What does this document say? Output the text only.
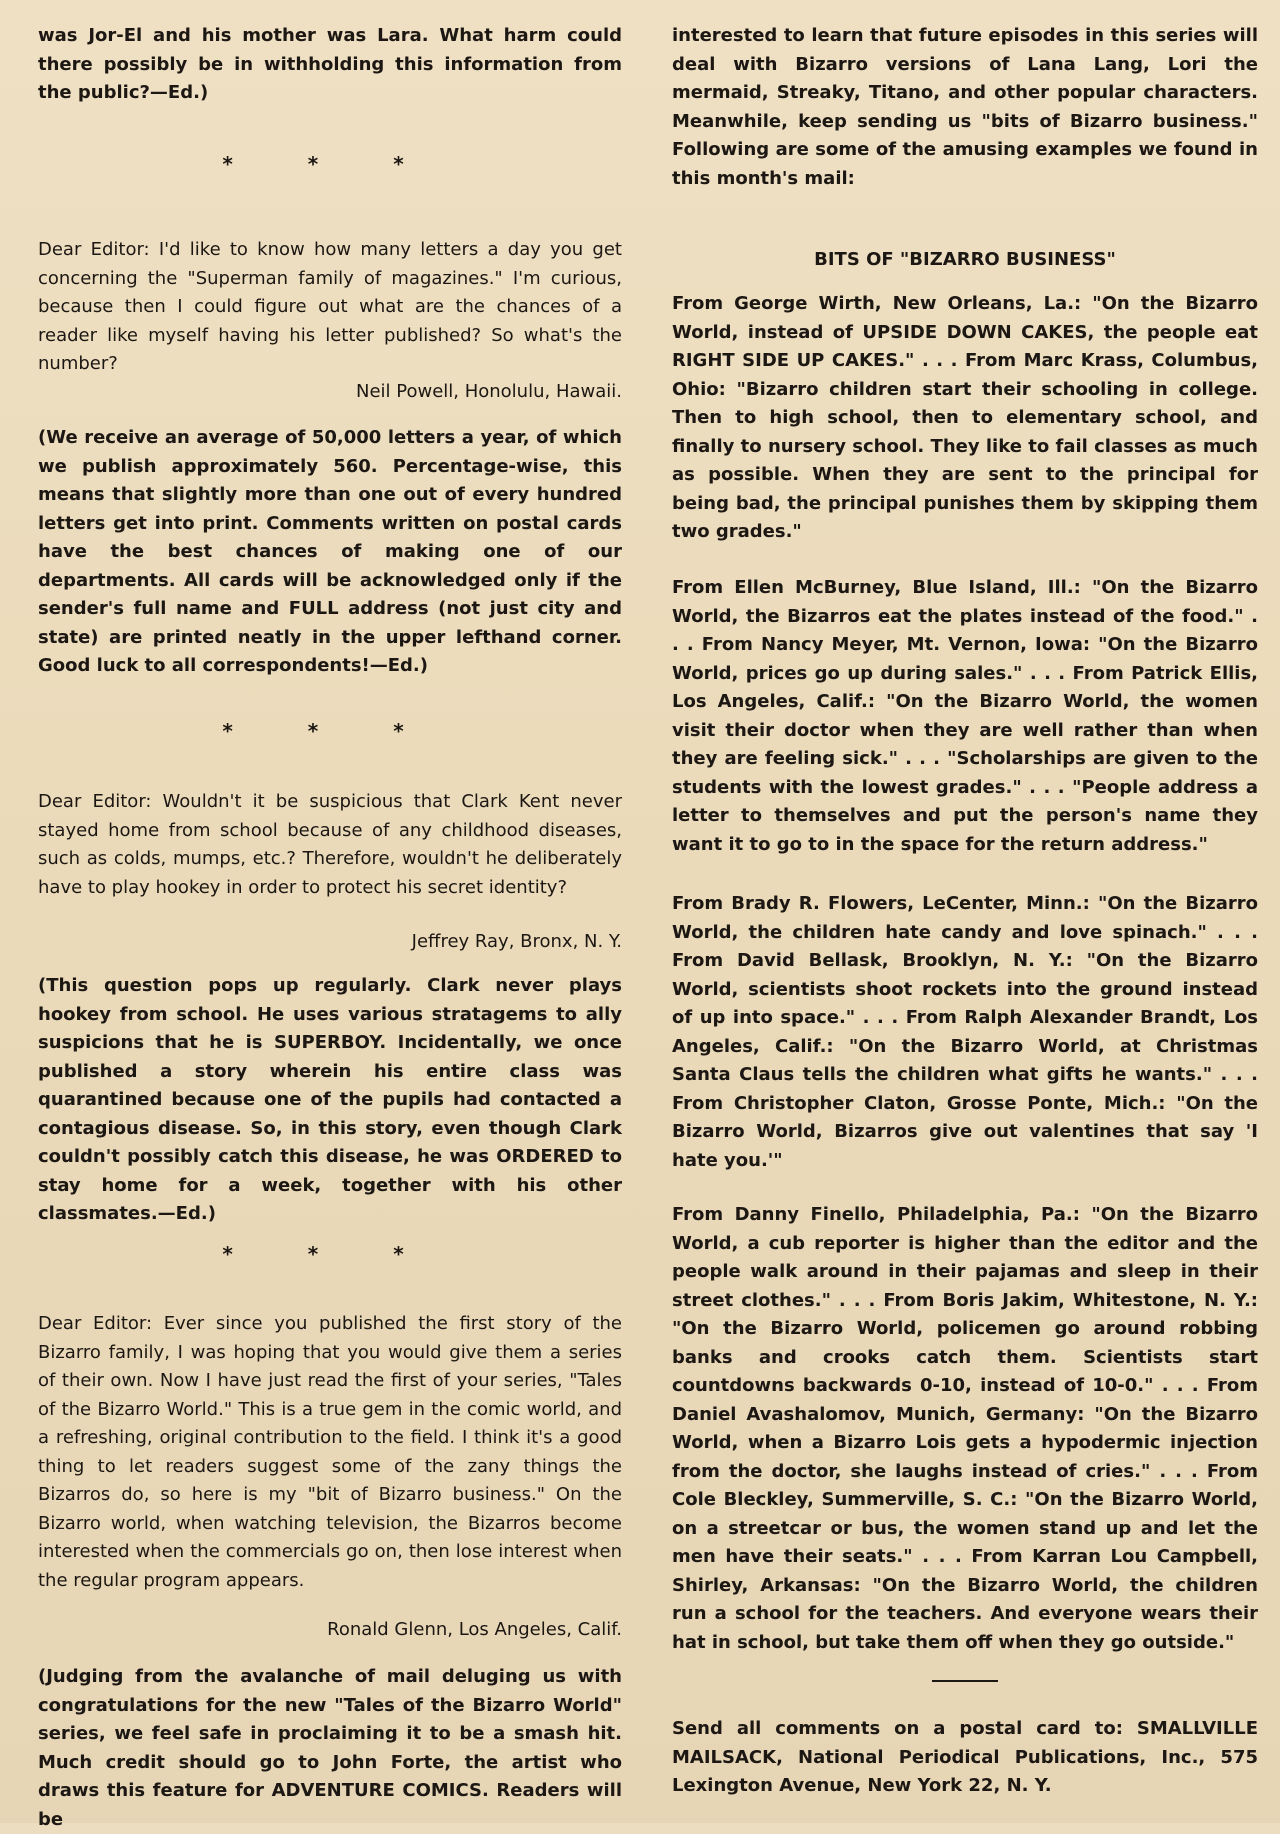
was Jor-El and his mother was Lara. What harm could there possibly be in withholding this information from the public?—Ed.)

* * *

Dear Editor: I'd like to know how many letters a day you get concerning the "Superman family of magazines." I'm curious, because then I could figure out what are the chances of a reader like myself having his letter published? So what's the number?

Neil Powell, Honolulu, Hawaii.

(We receive an average of 50,000 letters a year, of which we publish approximately 560. Percentage-wise, this means that slightly more than one out of every hundred letters get into print. Comments written on postal cards have the best chances of making one of our departments. All cards will be acknowledged only if the sender's full name and FULL address (not just city and state) are printed neatly in the upper lefthand corner. Good luck to all correspondents!—Ed.)

* * *

Dear Editor: Wouldn't it be suspicious that Clark Kent never stayed home from school because of any childhood diseases, such as colds, mumps, etc.? Therefore, wouldn't he deliberately have to play hookey in order to protect his secret identity?

Jeffrey Ray, Bronx, N. Y.

(This question pops up regularly. Clark never plays hookey from school. He uses various stratagems to ally suspicions that he is SUPERBOY. Incidentally, we once published a story wherein his entire class was quarantined because one of the pupils had contacted a contagious disease. So, in this story, even though Clark couldn't possibly catch this disease, he was ORDERED to stay home for a week, together with his other classmates.—Ed.)

* * *

Dear Editor: Ever since you published the first story of the Bizarro family, I was hoping that you would give them a series of their own. Now I have just read the first of your series, "Tales of the Bizarro World." This is a true gem in the comic world, and a refreshing, original contribution to the field. I think it's a good thing to let readers suggest some of the zany things the Bizarros do, so here is my "bit of Bizarro business." On the Bizarro world, when watching television, the Bizarros become interested when the commercials go on, then lose interest when the regular program appears.

Ronald Glenn, Los Angeles, Calif.

(Judging from the avalanche of mail deluging us with congratulations for the new "Tales of the Bizarro World" series, we feel safe in proclaiming it to be a smash hit. Much credit should go to John Forte, the artist who draws this feature for ADVENTURE COMICS. Readers will be

interested to learn that future episodes in this series will deal with Bizarro versions of Lana Lang, Lori the mermaid, Streaky, Titano, and other popular characters. Meanwhile, keep sending us "bits of Bizarro business." Following are some of the amusing examples we found in this month's mail:

BITS OF "BIZARRO BUSINESS"

From George Wirth, New Orleans, La.: "On the Bizarro World, instead of UPSIDE DOWN CAKES, the people eat RIGHT SIDE UP CAKES." . . . From Marc Krass, Columbus, Ohio: "Bizarro children start their schooling in college. Then to high school, then to elementary school, and finally to nursery school. They like to fail classes as much as possible. When they are sent to the principal for being bad, the principal punishes them by skipping them two grades."

From Ellen McBurney, Blue Island, Ill.: "On the Bizarro World, the Bizarros eat the plates instead of the food." . . . From Nancy Meyer, Mt. Vernon, Iowa: "On the Bizarro World, prices go up during sales." . . . From Patrick Ellis, Los Angeles, Calif.: "On the Bizarro World, the women visit their doctor when they are well rather than when they are feeling sick." . . . "Scholarships are given to the students with the lowest grades." . . . "People address a letter to themselves and put the person's name they want it to go to in the space for the return address."

From Brady R. Flowers, LeCenter, Minn.: "On the Bizarro World, the children hate candy and love spinach." . . . From David Bellask, Brooklyn, N. Y.: "On the Bizarro World, scientists shoot rockets into the ground instead of up into space." . . . From Ralph Alexander Brandt, Los Angeles, Calif.: "On the Bizarro World, at Christmas Santa Claus tells the children what gifts he wants." . . . From Christopher Claton, Grosse Ponte, Mich.: "On the Bizarro World, Bizarros give out valentines that say 'I hate you.'"

From Danny Finello, Philadelphia, Pa.: "On the Bizarro World, a cub reporter is higher than the editor and the people walk around in their pajamas and sleep in their street clothes." . . . From Boris Jakim, Whitestone, N. Y.: "On the Bizarro World, policemen go around robbing banks and crooks catch them. Scientists start countdowns backwards 0-10, instead of 10-0." . . . From Daniel Avashalomov, Munich, Germany: "On the Bizarro World, when a Bizarro Lois gets a hypodermic injection from the doctor, she laughs instead of cries." . . . From Cole Bleckley, Summerville, S. C.: "On the Bizarro World, on a streetcar or bus, the women stand up and let the men have their seats." . . . From Karran Lou Campbell, Shirley, Arkansas: "On the Bizarro World, the children run a school for the teachers. And everyone wears their hat in school, but take them off when they go outside."

Send all comments on a postal card to: SMALLVILLE MAILSACK, National Periodical Publications, Inc., 575 Lexington Avenue, New York 22, N. Y.
